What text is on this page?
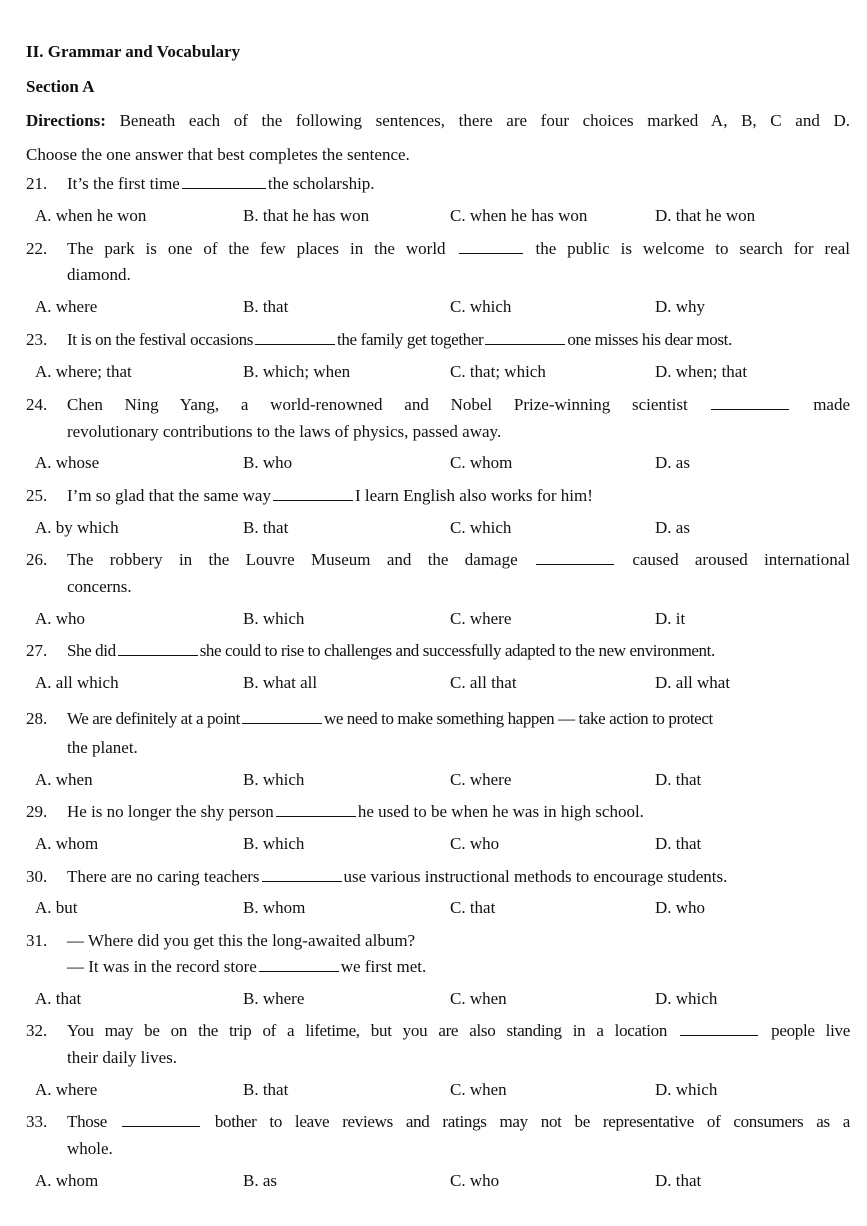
II. Grammar and Vocabulary
Section A
Directions: Beneath each of the following sentences, there are four choices marked A, B, C and D.
Choose the one answer that best completes the sentence.
21. It’s the first time	the scholarship.
A. when he won	B. that he has won	C. when he has won	D. that he won
22. The park is one of the few places in the world	the public is welcome to search for real
diamond.
A. where	B. that	C. which	D. why
23. It is on the festival occasions	the family get together	one misses his dear most.
A. where; that	B. which; when	C. that; which	D. when; that
24. Chen Ning Yang, a world-renowned and Nobel Prize-winning scientist	made
revolutionary contributions to the laws of physics, passed away.
A. whose	B. who	C. whom	D. as
25. I’m so glad that the same way	I learn English also works for him!
A. by which	B. that	C. which	D. as
26. The robbery in the Louvre Museum and the damage	caused aroused international
concerns.
A. who	B. which	C. where	D. it
27. She did	she could to rise to challenges and successfully adapted to the new environment.
A. all which	B. what all	C. all that	D. all what
28. We are definitely at a point	we need to make something happen — take action to protect
the planet.
A. when	B. which	C. where	D. that
29. He is no longer the shy person	he used to be when he was in high school.
A. whom	B. which	C. who	D. that
30. There are no caring teachers	use various instructional methods to encourage students.
A. but	B. whom	C. that	D. who
31. — Where did you get this the long-awaited album?
— It was in the record store	we first met.
A. that	B. where	C. when	D. which
32. You may be on the trip of a lifetime, but you are also standing in a location	people live
their daily lives.
A. where	B. that	C. when	D. which
33. Those	bother to leave reviews and ratings may not be representative of consumers as a
whole.
A. whom	B. as	C. who	D. that
